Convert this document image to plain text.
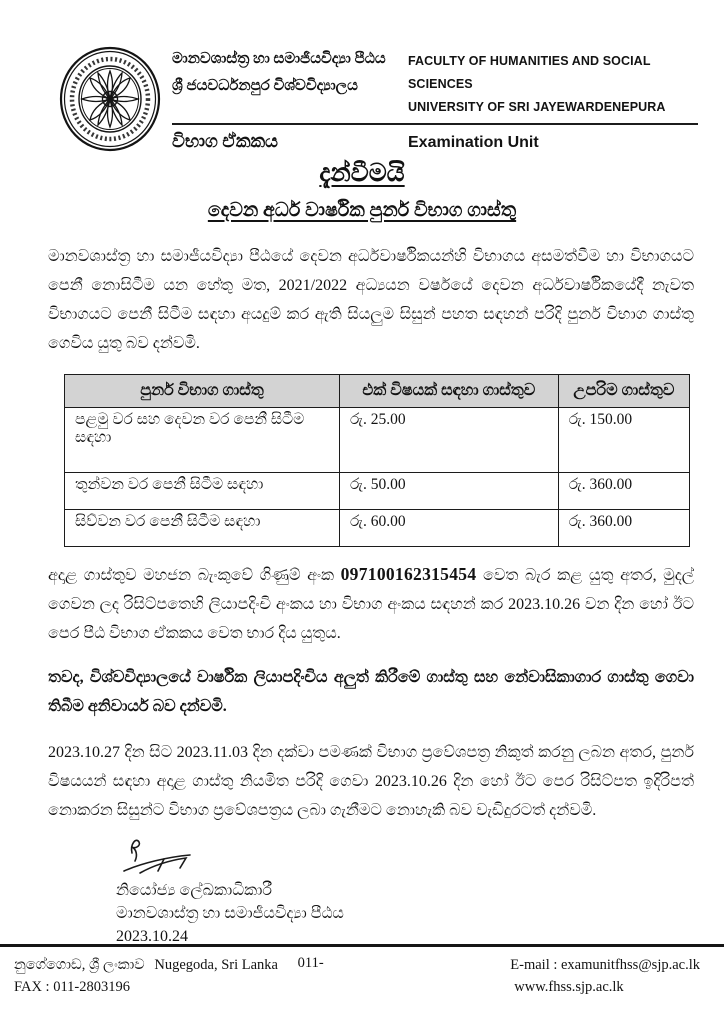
මානවශාස්ත්‍ර හා සමාජීයවිද්‍යා පීඨය
ශ්‍රී ජයවර්ධනපුර විශ්වවිද්‍යාලය
FACULTY OF HUMANITIES AND SOCIAL SCIENCES
UNIVERSITY OF SRI JAYEWARDENEPURA
විභාග ඒකකය	Examination Unit
දැන්වීමයි
දෙවන අර්ධ වාර්ෂික පුනර් විභාග ගාස්තු

මානවශාස්ත්‍ර හා සමාජීයවිද්‍යා පීඨයේ දෙවන අර්ධවාර්ෂිකයන්හි විභාගය අසමත්වීම හා විභාගයට පෙනී නොසිටීම යන හේතු මත, 2021/2022 අධ්‍යයන වර්ෂයේ දෙවන අර්ධවාර්ෂිකයේදී නැවත විභාගයට පෙනී සිටීම සඳහා අයදුම් කර ඇති සියලුම සිසුන් පහත සඳහන් පරිදි පුනර් විභාග ගාස්තු ගෙවිය යුතු බව දන්වමි.

පුනර් විභාග ගාස්තු	එක් විෂයක් සඳහා ගාස්තුව	උපරිම ගාස්තුව
පළමු වර සහ දෙවන වර පෙනී සිටීම සඳහා	රු. 25.00	රු. 150.00
තුන්වන වර පෙනී සිටීම සඳහා	රු. 50.00	රු. 360.00
සිව්වන වර පෙනී සිටීම සඳහා	රු. 60.00	රු. 360.00

අදාළ ගාස්තුව මහජන බැංකුවේ ගිණුම් අංක 097100162315454 වෙත බැර කළ යුතු අතර, මුදල් ගෙවන ලද රිසිට්පතෙහි ලියාපදිංචි අංකය හා විභාග අංකය සඳහන් කර 2023.10.26 වන දින හෝ ඊට පෙර පීඨ විභාග ඒකකය වෙත භාර දිය යුතුය.

තවද, විශ්වවිද්‍යාලයේ වාර්ෂික ලියාපදිංචිය අලුත් කිරීමේ ගාස්තු සහ නේවාසිකාගාර ගාස්තු ගෙවා තිබීම අනිවාර්ය බව දන්වමි.

2023.10.27 දින සිට 2023.11.03 දින දක්වා පමණක් විභාග ප්‍රවේශපත්‍ර නිකුත් කරනු ලබන අතර, පුනර් විෂයයන් සඳහා අදාළ ගාස්තු නියමිත පරිදි ගෙවා 2023.10.26 දින හෝ ඊට පෙර රිසිට්පත ඉදිරිපත් නොකරන සිසුන්ට විභාග ප්‍රවේශපත්‍රය ලබා ගැනීමට නොහැකි බව වැඩිදුරටත් දන්වමි.

නියෝජ්‍ය ලේඛකාධිකාරී
මානවශාස්ත්‍ර හා සමාජීයවිද්‍යා පීඨය
2023.10.24
නුගේගොඩ, ශ්‍රී ලංකාව Nugegoda, Sri Lanka 011-
FAX : 011-2803196
E-mail : examunitfhss@sjp.ac.lk
www.fhss.sjp.ac.lk
